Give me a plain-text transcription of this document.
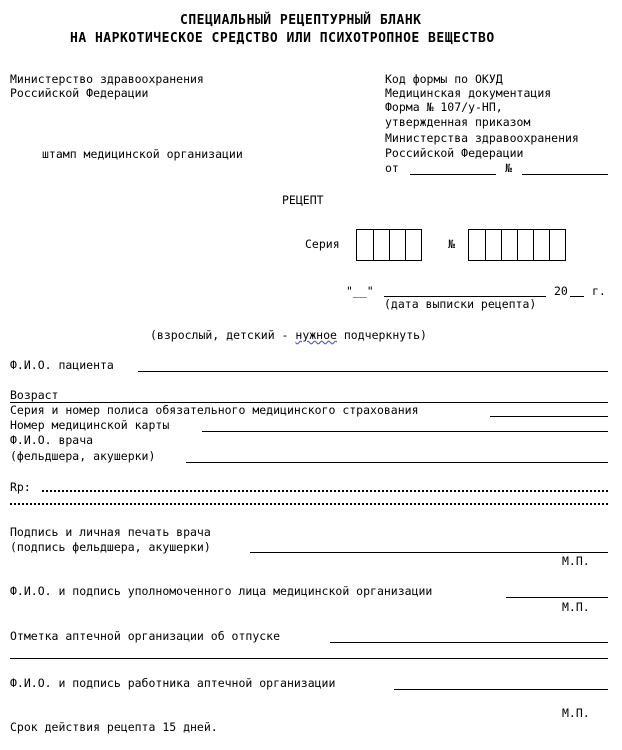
СПЕЦИАЛЬНЫЙ РЕЦЕПТУРНЫЙ БЛАНК
НА НАРКОТИЧЕСКОЕ СРЕДСТВО ИЛИ ПСИХОТРОПНОЕ ВЕЩЕСТВО
Министерство здравоохранения
Российской Федерации
штамп медицинской организации
Код формы по ОКУД
Медицинская документация
Форма № 107/у-НП,
утвержденная приказом
Министерства здравоохранения
Российской Федерации
от	№
РЕЦЕПТ
Серия	№
"__"	20 г.
(дата выписки рецепта)
(взрослый, детский - нужное подчеркнуть)
Ф.И.О. пациента
Возраст
Серия и номер полиса обязательного медицинского страхования
Номер медицинской карты
Ф.И.О. врача
(фельдшера, акушерки)
Rp:
Подпись и личная печать врача
(подпись фельдшера, акушерки)
М.П.
Ф.И.О. и подпись уполномоченного лица медицинской организации
М.П.
Отметка аптечной организации об отпуске
Ф.И.О. и подпись работника аптечной организации
М.П.
Срок действия рецепта 15 дней.
